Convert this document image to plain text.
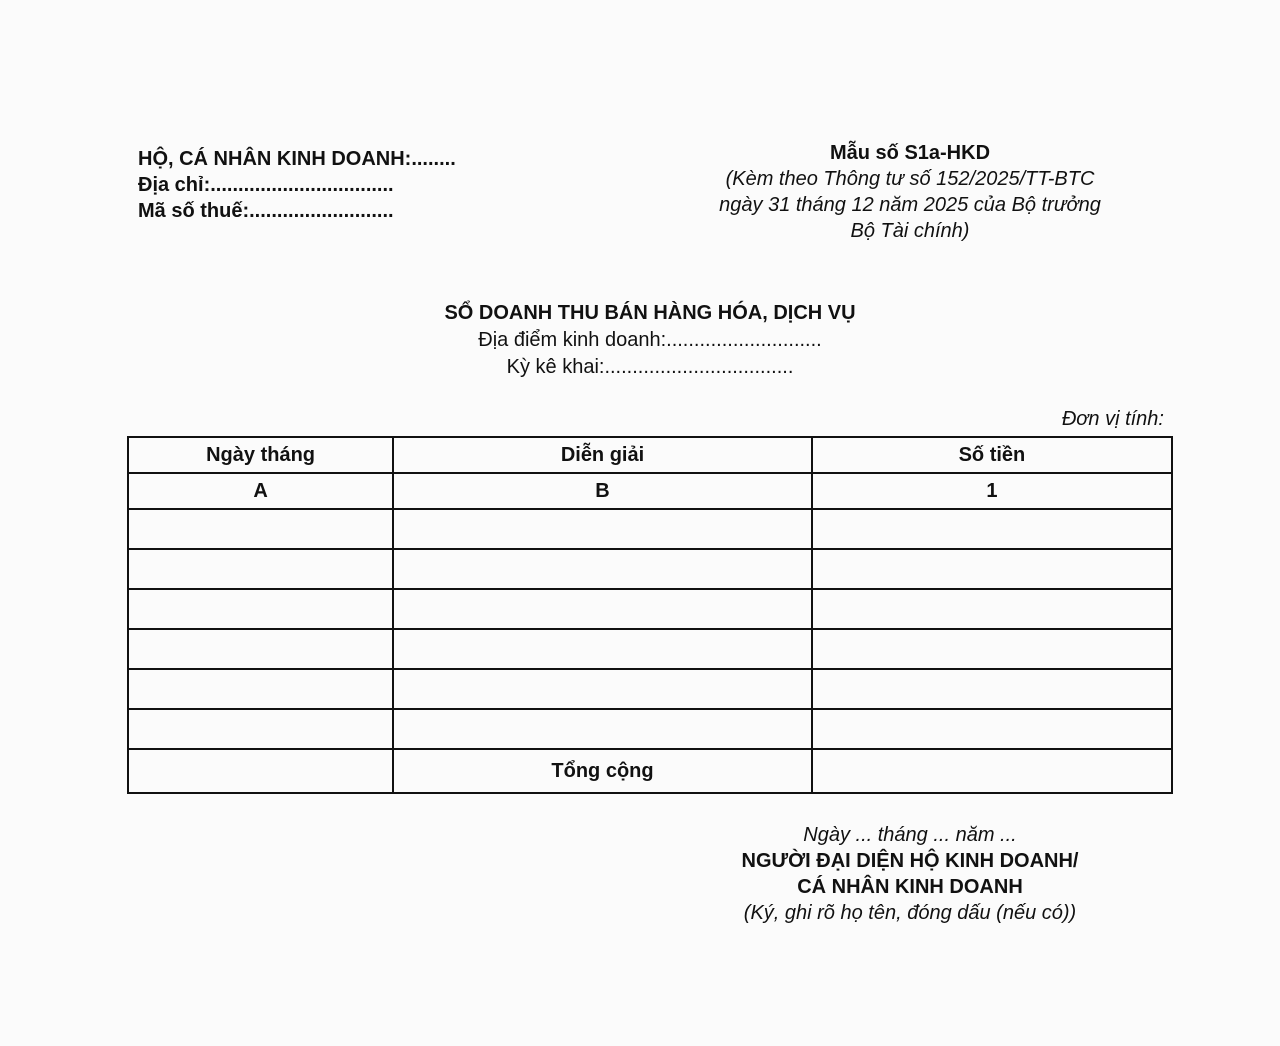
HỘ, CÁ NHÂN KINH DOANH:........
Địa chỉ:.................................
Mã số thuế:..........................
Mẫu số S1a-HKD
(Kèm theo Thông tư số 152/2025/TT-BTC
ngày 31 tháng 12 năm 2025 của Bộ trưởng
Bộ Tài chính)
SỔ DOANH THU BÁN HÀNG HÓA, DỊCH VỤ
Địa điểm kinh doanh:............................
Kỳ kê khai:..................................
Đơn vị tính:
Ngày tháng	Diễn giải	Số tiền
A	B	1

	Tổng cộng	
Ngày ... tháng ... năm ...
NGƯỜI ĐẠI DIỆN HỘ KINH DOANH/
CÁ NHÂN KINH DOANH
(Ký, ghi rõ họ tên, đóng dấu (nếu có))
